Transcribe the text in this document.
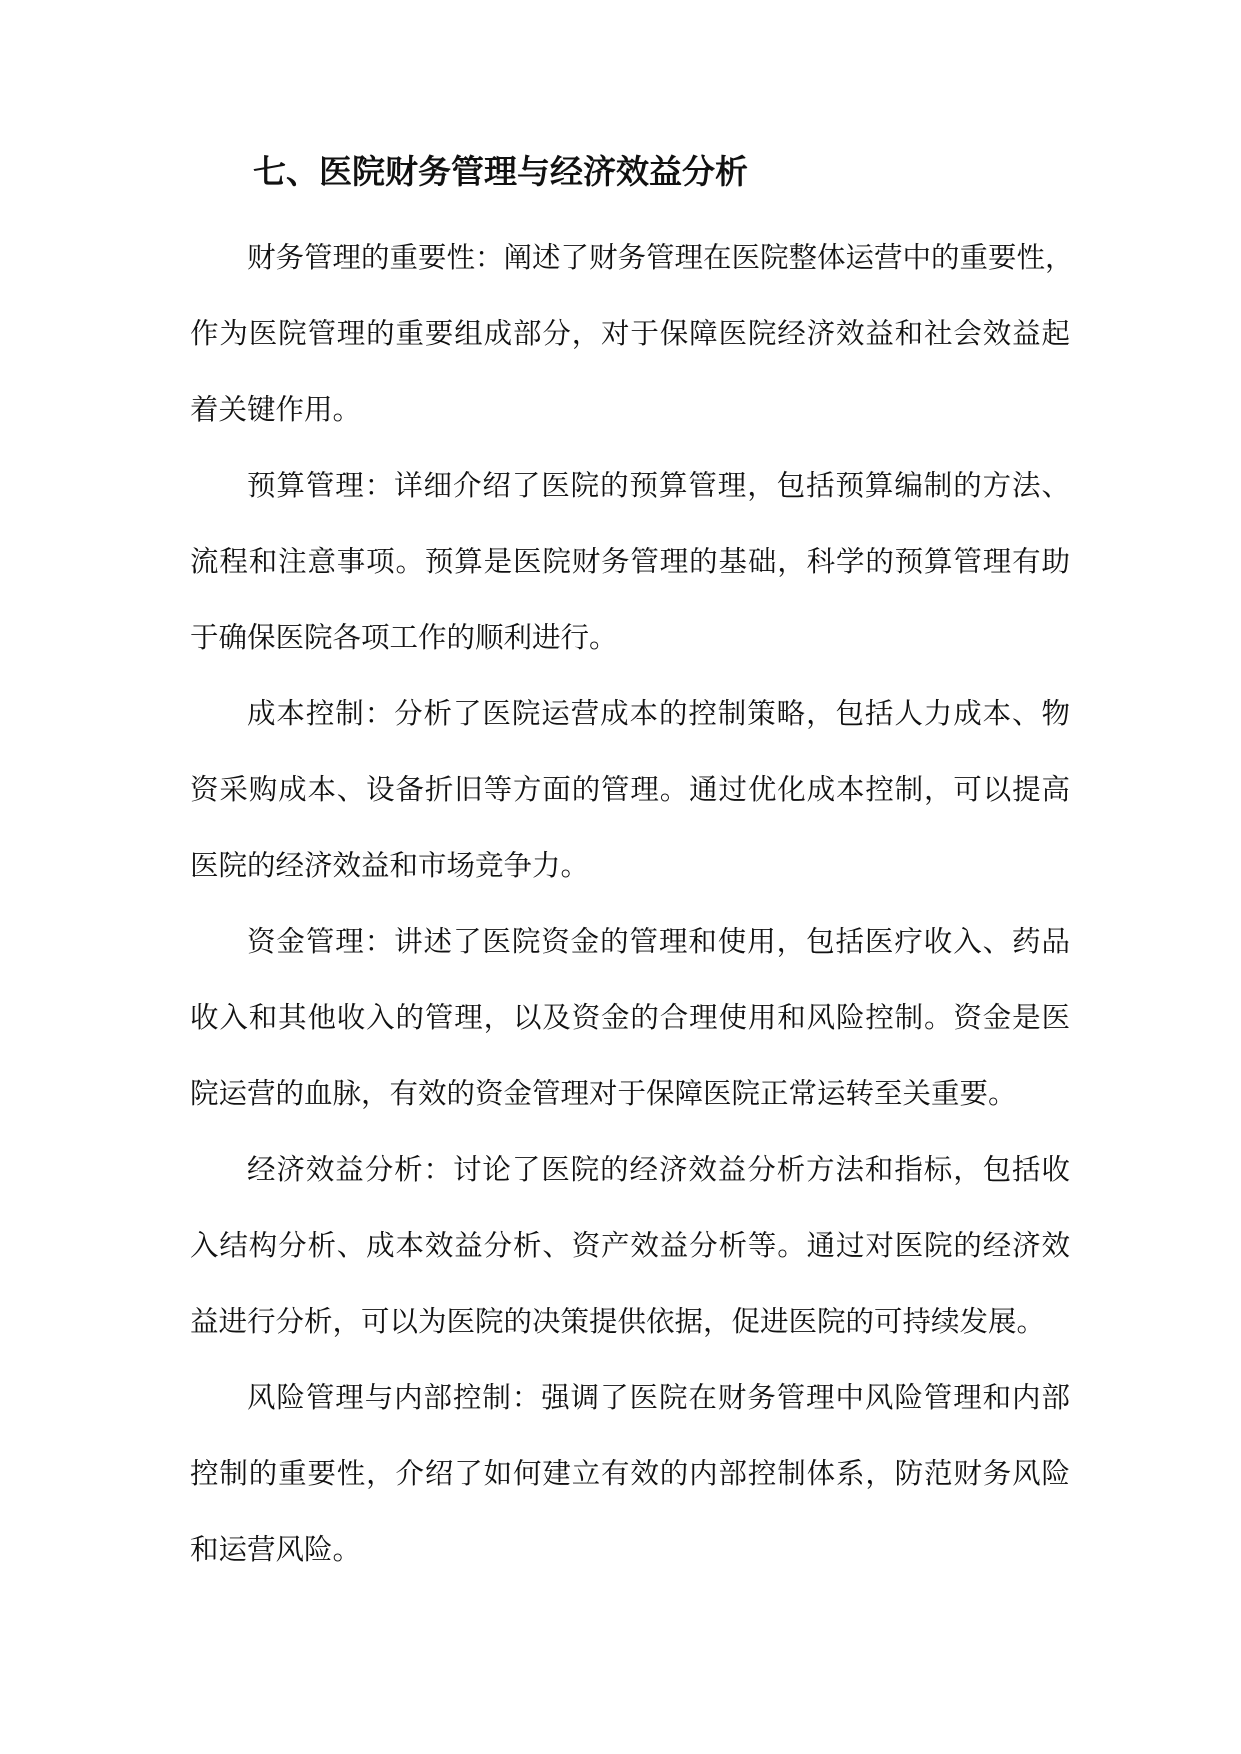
七、医院财务管理与经济效益分析
财务管理的重要性：阐述了财务管理在医院整体运营中的重要性，
作为医院管理的重要组成部分，对于保障医院经济效益和社会效益起
着关键作用。
预算管理：详细介绍了医院的预算管理，包括预算编制的方法、
流程和注意事项。预算是医院财务管理的基础，科学的预算管理有助
于确保医院各项工作的顺利进行。
成本控制：分析了医院运营成本的控制策略，包括人力成本、物
资采购成本、设备折旧等方面的管理。通过优化成本控制，可以提高
医院的经济效益和市场竞争力。
资金管理：讲述了医院资金的管理和使用，包括医疗收入、药品
收入和其他收入的管理，以及资金的合理使用和风险控制。资金是医
院运营的血脉，有效的资金管理对于保障医院正常运转至关重要。
经济效益分析：讨论了医院的经济效益分析方法和指标，包括收
入结构分析、成本效益分析、资产效益分析等。通过对医院的经济效
益进行分析，可以为医院的决策提供依据，促进医院的可持续发展。
风险管理与内部控制：强调了医院在财务管理中风险管理和内部
控制的重要性，介绍了如何建立有效的内部控制体系，防范财务风险
和运营风险。
